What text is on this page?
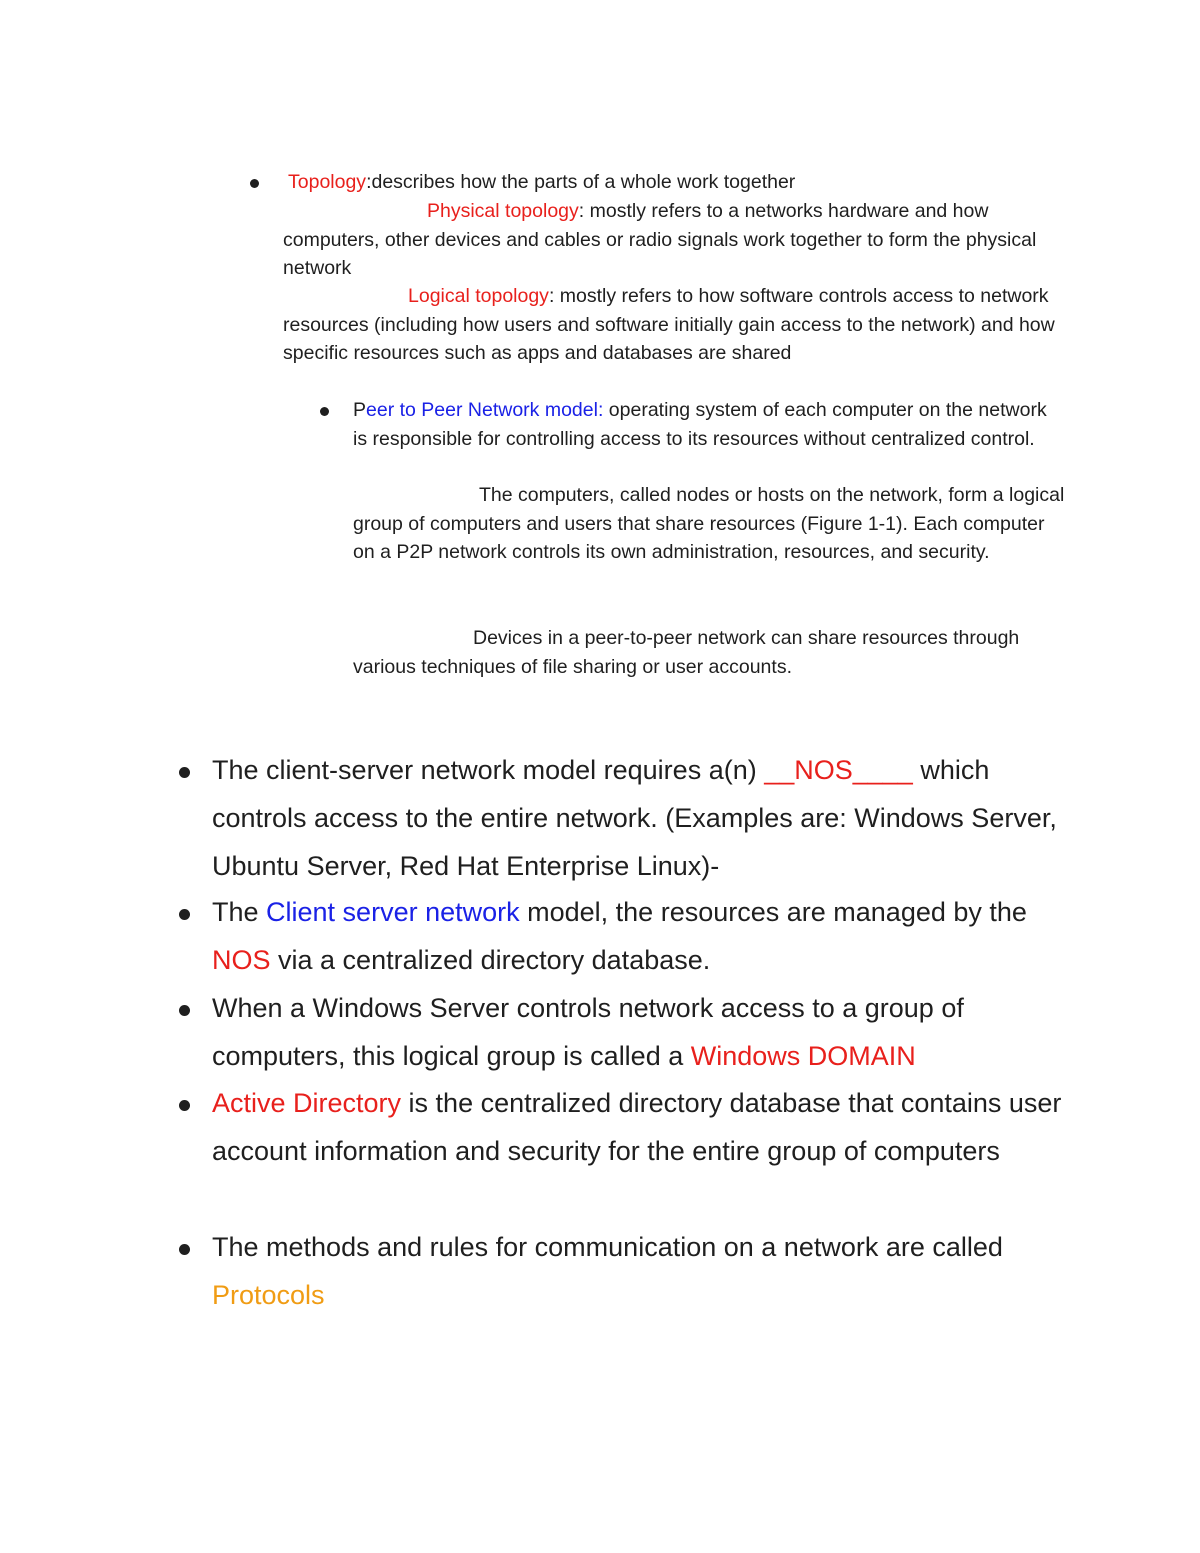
Topology:describes how the parts of a whole work together

Physical topology: mostly refers to a networks hardware and how computers, other devices and cables or radio signals work together to form the physical network

Logical topology: mostly refers to how software controls access to network resources (including how users and software initially gain access to the network) and how specific resources such as apps and databases are shared

Peer to Peer Network model: operating system of each computer on the network is responsible for controlling access to its resources without centralized control.

The computers, called nodes or hosts on the network, form a logical group of computers and users that share resources (Figure 1-1). Each computer on a P2P network controls its own administration, resources, and security.

Devices in a peer-to-peer network can share resources through various techniques of file sharing or user accounts.

The client-server network model requires a(n) __NOS____ which controls access to the entire network. (Examples are: Windows Server, Ubuntu Server, Red Hat Enterprise Linux)-

The Client server network model, the resources are managed by the NOS via a centralized directory database.

When a Windows Server controls network access to a group of computers, this logical group is called a Windows DOMAIN

Active Directory is the centralized directory database that contains user account information and security for the entire group of computers

The methods and rules for communication on a network are called Protocols
